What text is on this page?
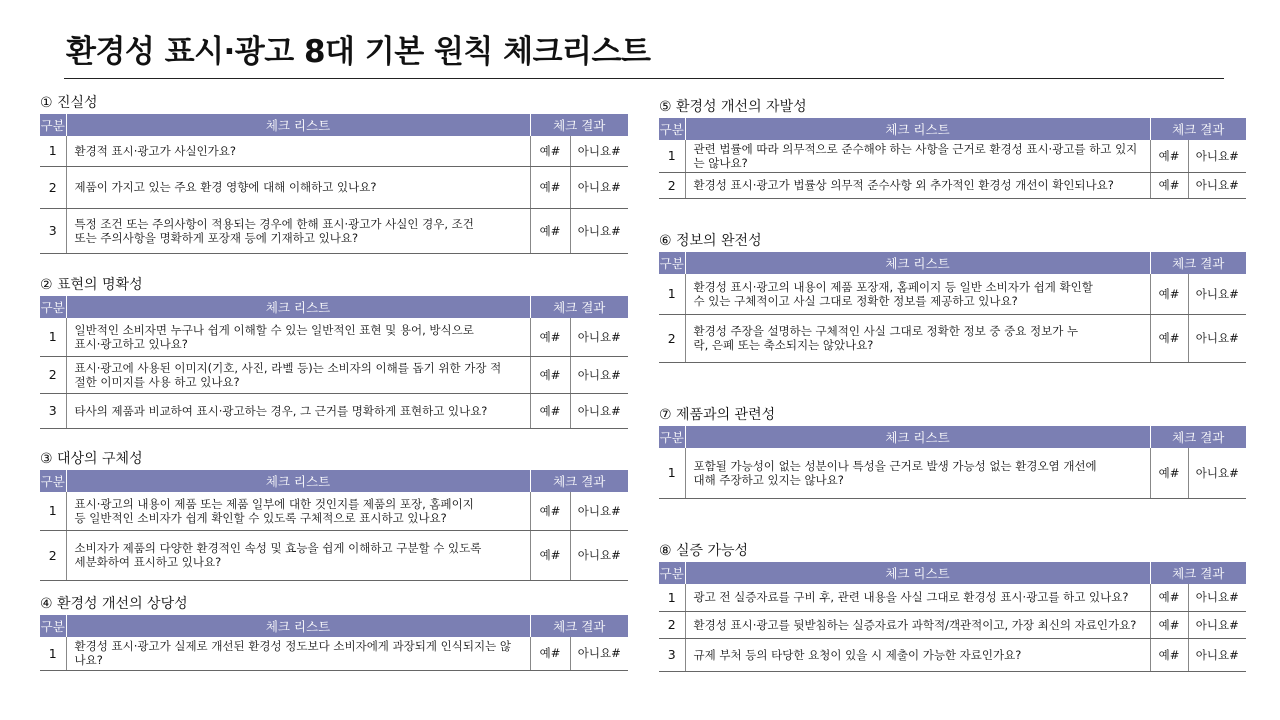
환경성 표시·광고 8대 기본 원칙 체크리스트
① 진실성
구분	체크 리스트	체크 결과	
1	환경적 표시·광고가 사실인가요?	예#	아니요#
2	제품이 가지고 있는 주요 환경 영향에 대해 이해하고 있나요?	예#	아니요#
3	특정 조건 또는 주의사항이 적용되는 경우에 한해 표시·광고가 사실인 경우, 조건
또는 주의사항을 명확하게 포장재 등에 기재하고 있나요?	예#	아니요#
② 표현의 명확성
구분	체크 리스트	체크 결과	
1	일반적인 소비자면 누구나 쉽게 이해할 수 있는 일반적인 표현 및 용어, 방식으로
표시·광고하고 있나요?	예#	아니요#
2	표시·광고에 사용된 이미지(기호, 사진, 라벨 등)는 소비자의 이해를 돕기 위한 가장 적
절한 이미지를 사용 하고 있나요?	예#	아니요#
3	타사의 제품과 비교하여 표시·광고하는 경우, 그 근거를 명확하게 표현하고 있나요?	예#	아니요#
③ 대상의 구체성
구분	체크 리스트	체크 결과	
1	표시·광고의 내용이 제품 또는 제품 일부에 대한 것인지를 제품의 포장, 홈페이지
등 일반적인 소비자가 쉽게 확인할 수 있도록 구체적으로 표시하고 있나요?	예#	아니요#
2	소비자가 제품의 다양한 환경적인 속성 및 효능을 쉽게 이해하고 구분할 수 있도록
세분화하여 표시하고 있나요?	예#	아니요#
④ 환경성 개선의 상당성
구분	체크 리스트	체크 결과	
1	환경성 표시·광고가 실제로 개선된 환경성 정도보다 소비자에게 과장되게 인식되지는 않
나요?	예#	아니요#
⑤ 환경성 개선의 자발성
구분	체크 리스트	체크 결과	
1	관련 법률에 따라 의무적으로 준수해야 하는 사항을 근거로 환경성 표시·광고를 하고 있지
는 않나요?	예#	아니요#
2	환경성 표시·광고가 법률상 의무적 준수사항 외 추가적인 환경성 개선이 확인되나요?	예#	아니요#
⑥ 정보의 완전성
구분	체크 리스트	체크 결과	
1	환경성 표시·광고의 내용이 제품 포장재, 홈페이지 등 일반 소비자가 쉽게 확인할
수 있는 구체적이고 사실 그대로 정확한 정보를 제공하고 있나요?	예#	아니요#
2	환경성 주장을 설명하는 구체적인 사실 그대로 정확한 정보 중 중요 정보가 누
락, 은폐 또는 축소되지는 않았나요?	예#	아니요#
⑦ 제품과의 관련성
구분	체크 리스트	체크 결과	
1	포함될 가능성이 없는 성분이나 특성을 근거로 발생 가능성 없는 환경오염 개선에
대해 주장하고 있지는 않나요?	예#	아니요#
⑧ 실증 가능성
구분	체크 리스트	체크 결과	
1	광고 전 실증자료를 구비 후, 관련 내용을 사실 그대로 환경성 표시·광고를 하고 있나요?	예#	아니요#
2	환경성 표시·광고를 뒷받침하는 실증자료가 과학적/객관적이고, 가장 최신의 자료인가요?	예#	아니요#
3	규제 부처 등의 타당한 요청이 있을 시 제출이 가능한 자료인가요?	예#	아니요#
